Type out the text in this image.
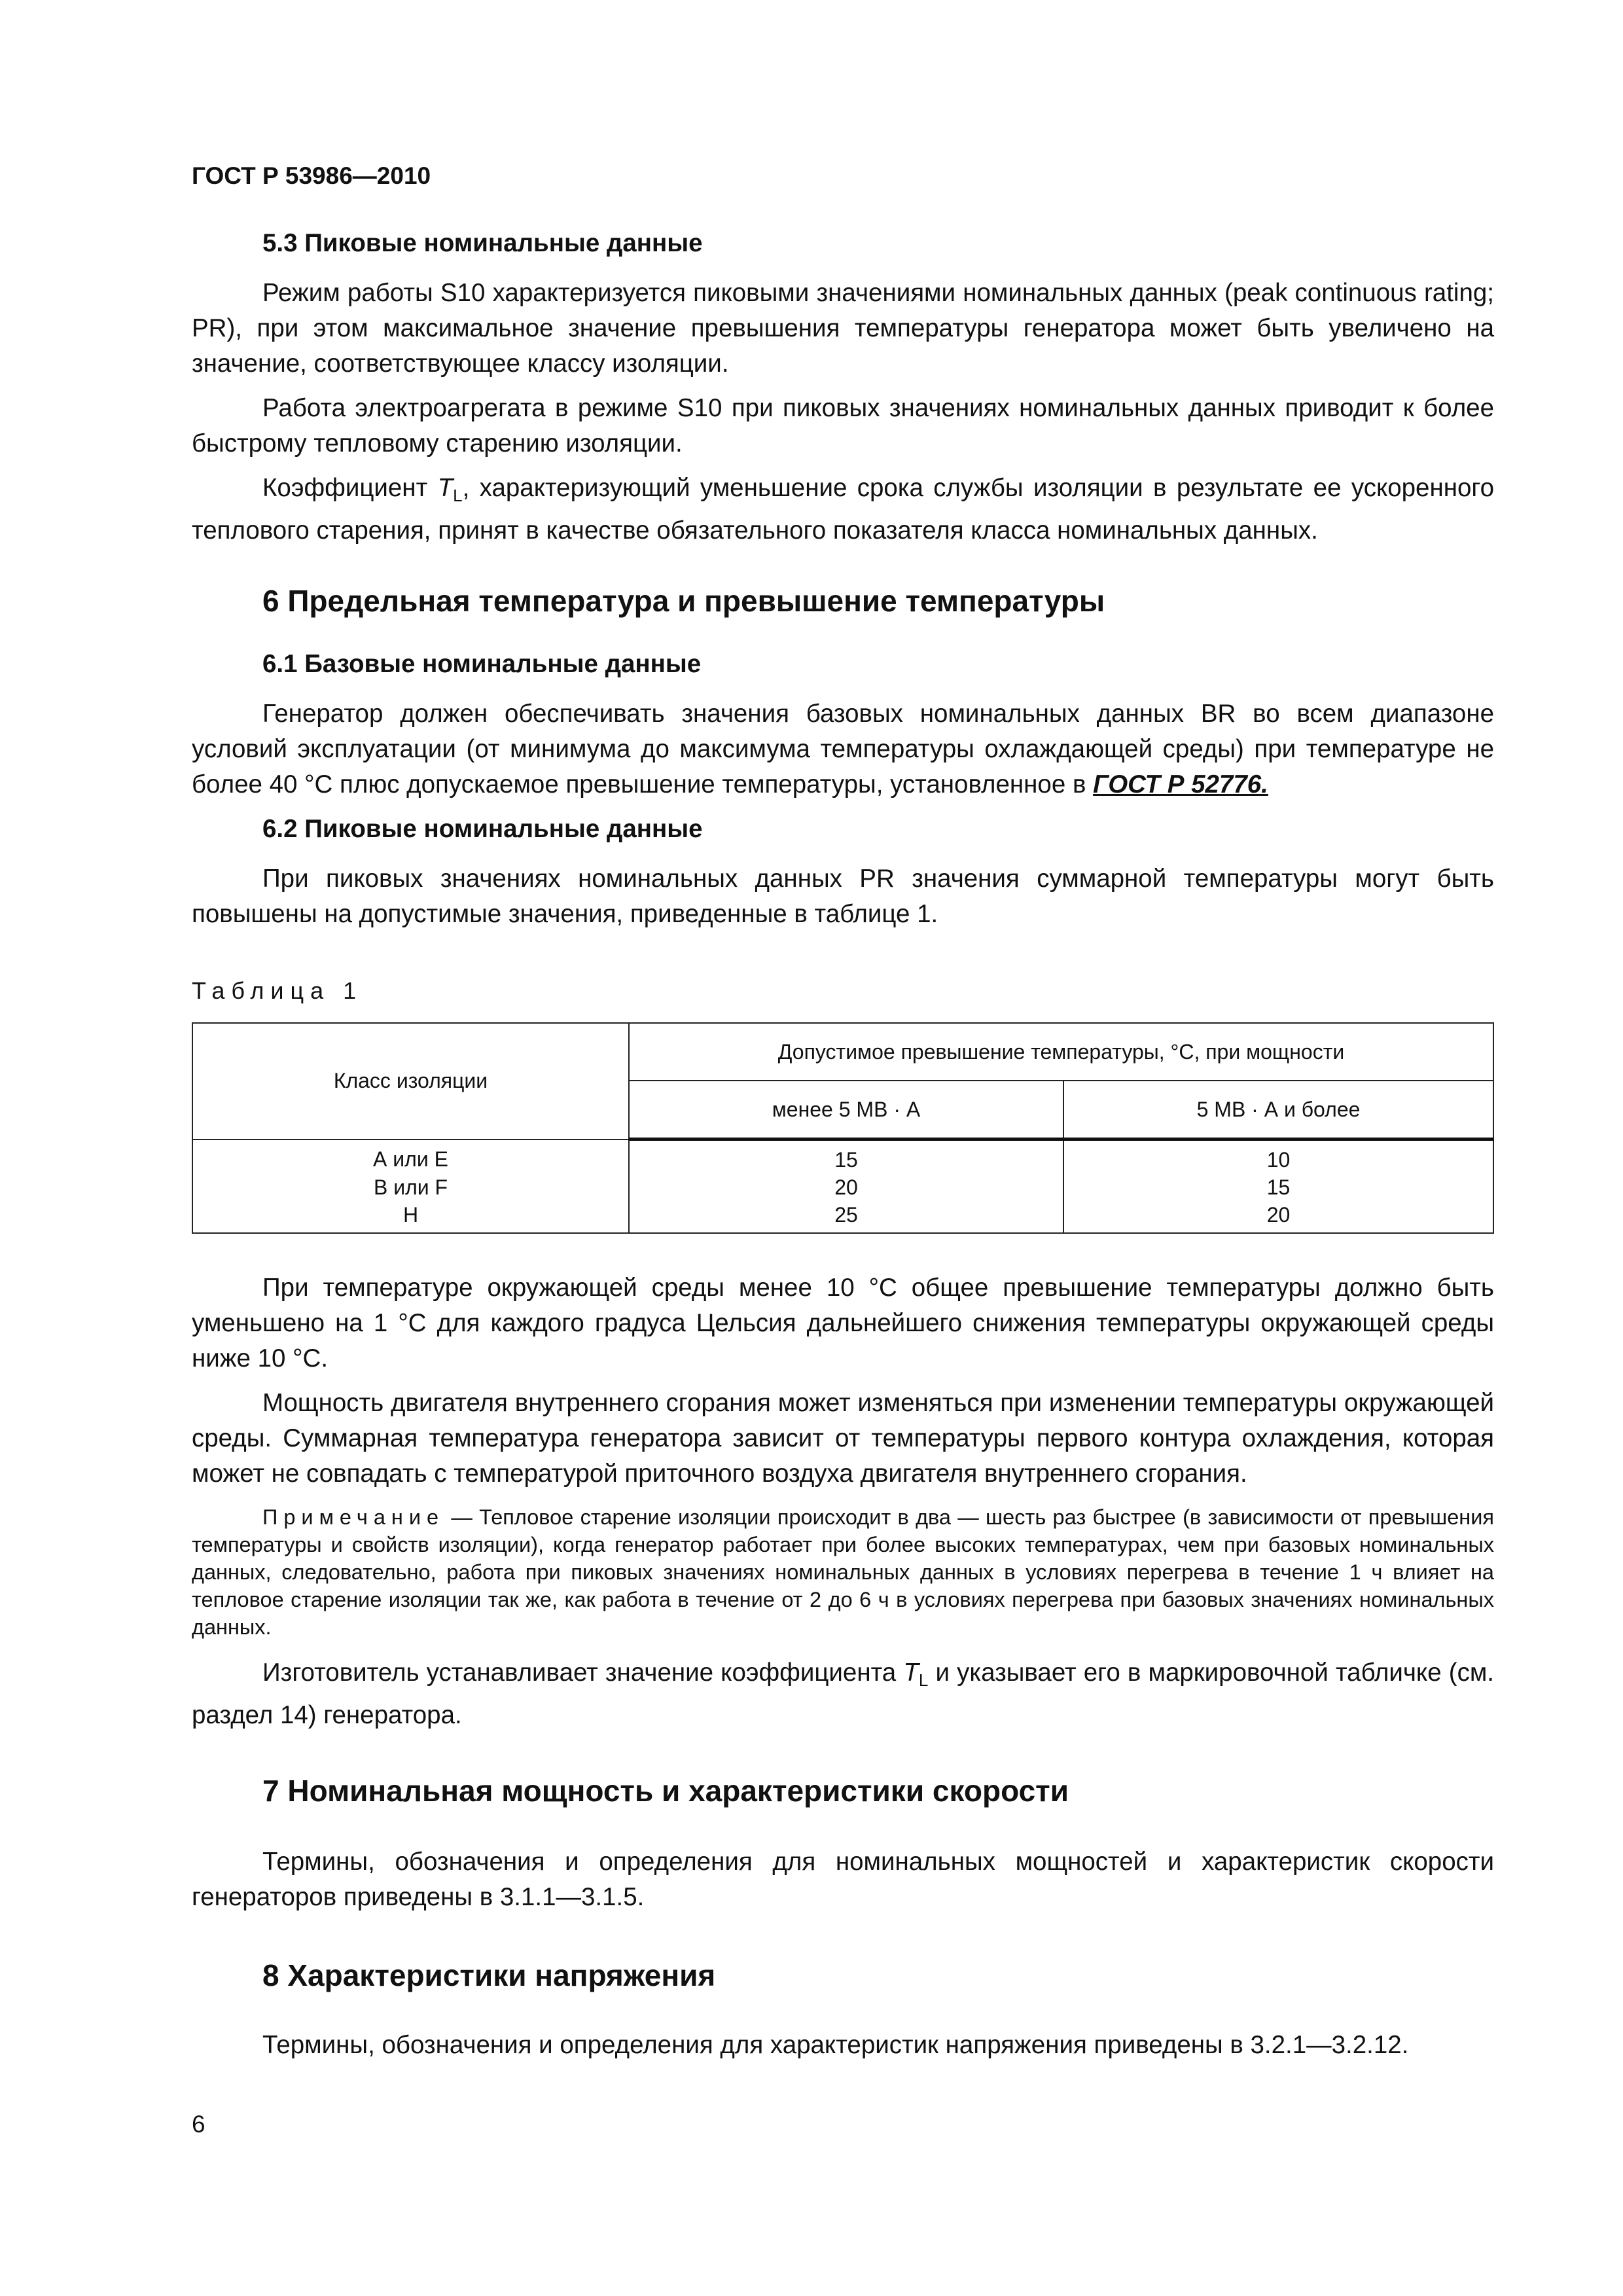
ГОСТ Р 53986—2010

5.3 Пиковые номинальные данные

Режим работы S10 характеризуется пиковыми значениями номинальных данных (peak continuous rating; PR), при этом максимальное значение превышения температуры генератора может быть увеличено на значение, соответствующее классу изоляции.

Работа электроагрегата в режиме S10 при пиковых значениях номинальных данных приводит к более быстрому тепловому старению изоляции.

Коэффициент $T_L$, характеризующий уменьшение срока службы изоляции в результате ее ускоренного теплового старения, принят в качестве обязательного показателя класса номинальных данных.

6 Предельная температура и превышение температуры
6.1 Базовые номинальные данные

Генератор должен обеспечивать значения базовых номинальных данных BR во всем диапазоне условий эксплуатации (от минимума до максимума температуры охлаждающей среды) при температуре не более 40 °С плюс допускаемое превышение температуры, установленное в ГОСТ Р 52776.

6.2 Пиковые номинальные данные

При пиковых значениях номинальных данных PR значения суммарной температуры могут быть повышены на допустимые значения, приведенные в таблице 1.

Таблица 1
Класс изоляции	Допустимое превышение температуры, °С, при мощности	
	менее 5 МВ · А	5 МВ · А и более
А или Е	15	10
В или F	20	15
Н	25	20

При температуре окружающей среды менее 10 °С общее превышение температуры должно быть уменьшено на 1 °С для каждого градуса Цельсия дальнейшего снижения температуры окружающей среды ниже 10 °С.

Мощность двигателя внутреннего сгорания может изменяться при изменении температуры окружающей среды. Суммарная температура генератора зависит от температуры первого контура охлаждения, которая может не совпадать с температурой приточного воздуха двигателя внутреннего сгорания.

Примечание — Тепловое старение изоляции происходит в два — шесть раз быстрее (в зависимости от превышения температуры и свойств изоляции), когда генератор работает при более высоких температурах, чем при базовых номинальных данных, следовательно, работа при пиковых значениях номинальных данных в условиях перегрева в течение 1 ч влияет на тепловое старение изоляции так же, как работа в течение от 2 до 6 ч в условиях перегрева при базовых значениях номинальных данных.

Изготовитель устанавливает значение коэффициента $T_L$ и указывает его в маркировочной табличке (см. раздел 14) генератора.

7 Номинальная мощность и характеристики скорости

Термины, обозначения и определения для номинальных мощностей и характеристик скорости генераторов приведены в 3.1.1—3.1.5.

8 Характеристики напряжения

Термины, обозначения и определения для характеристик напряжения приведены в 3.2.1—3.2.12.

6
